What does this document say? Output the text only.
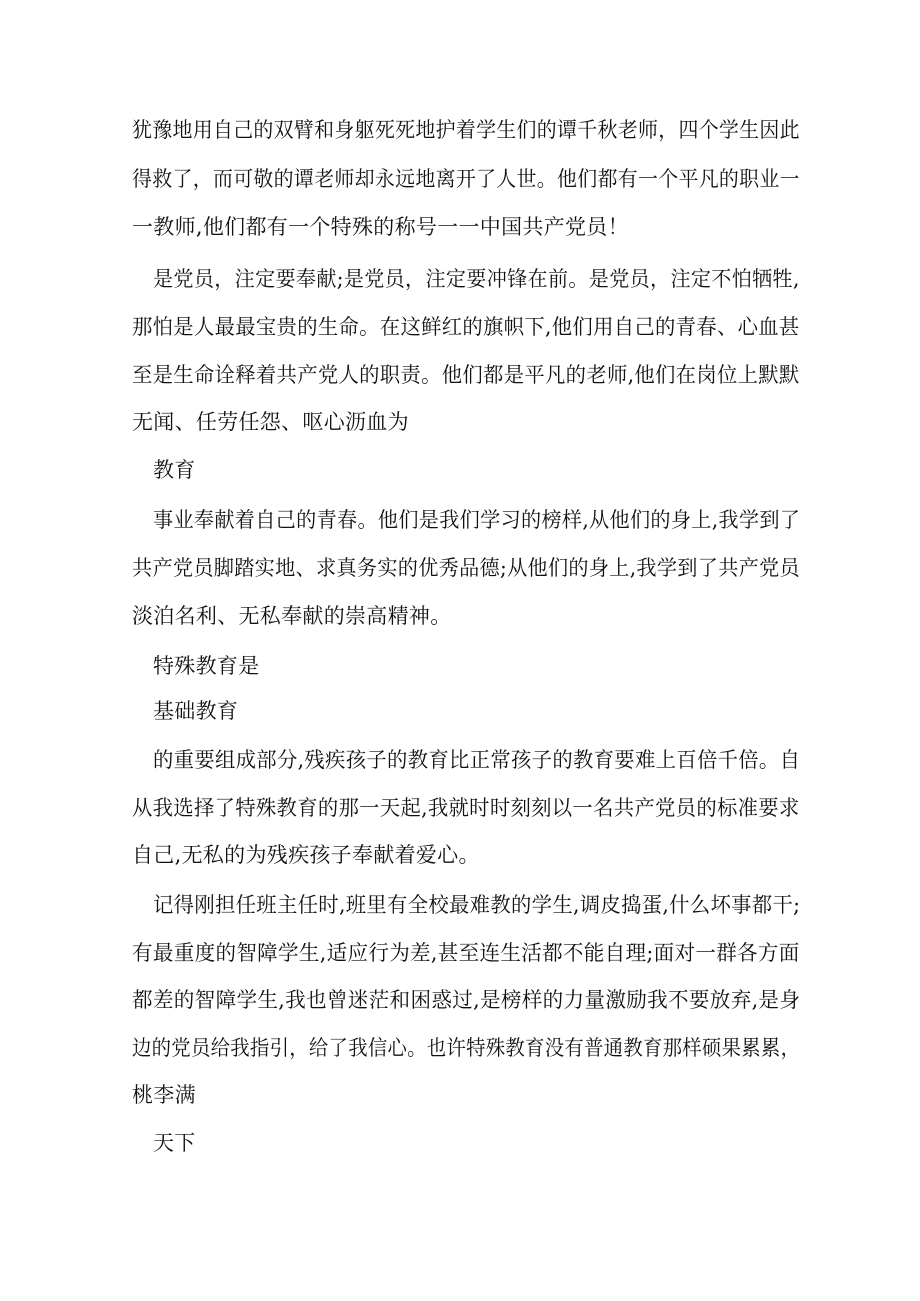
犹豫地用自己的双臂和身躯死死地护着学生们的谭千秋老师，四个学生因此
得救了，而可敬的谭老师却永远地离开了人世。他们都有一个平凡的职业一
一教师,他们都有一个特殊的称号一一中国共产党员！
是党员，注定要奉献;是党员，注定要冲锋在前。是党员，注定不怕牺牲,
那怕是人最最宝贵的生命。在这鲜红的旗帜下,他们用自己的青春、心血甚
至是生命诠释着共产党人的职责。他们都是平凡的老师,他们在岗位上默默
无闻、任劳任怨、呕心沥血为
教育
事业奉献着自己的青春。他们是我们学习的榜样,从他们的身上,我学到了
共产党员脚踏实地、求真务实的优秀品德;从他们的身上,我学到了共产党员
淡泊名利、无私奉献的崇高精神。
特殊教育是
基础教育
的重要组成部分,残疾孩子的教育比正常孩子的教育要难上百倍千倍。自
从我选择了特殊教育的那一天起,我就时时刻刻以一名共产党员的标准要求
自己,无私的为残疾孩子奉献着爱心。
记得刚担任班主任时,班里有全校最难教的学生,调皮捣蛋,什么坏事都干;
有最重度的智障学生,适应行为差,甚至连生活都不能自理;面对一群各方面
都差的智障学生,我也曾迷茫和困惑过,是榜样的力量激励我不要放弃,是身
边的党员给我指引，给了我信心。也许特殊教育没有普通教育那样硕果累累，
桃李满
天下
